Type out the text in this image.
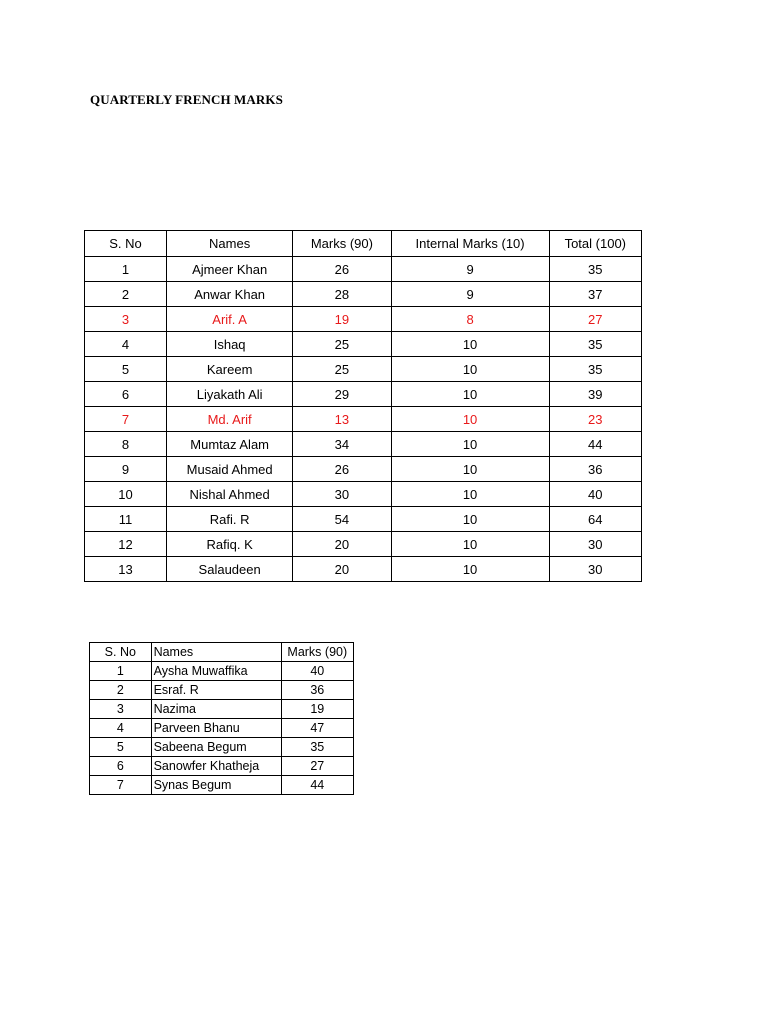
QUARTERLY FRENCH MARKS
S. No	Names	Marks (90)	Internal Marks (10)	Total (100)
1	Ajmeer Khan	26	9	35
2	Anwar Khan	28	9	37
3	Arif. A	19	8	27
4	Ishaq	25	10	35
5	Kareem	25	10	35
6	Liyakath Ali	29	10	39
7	Md. Arif	13	10	23
8	Mumtaz Alam	34	10	44
9	Musaid Ahmed	26	10	36
10	Nishal Ahmed	30	10	40
11	Rafi. R	54	10	64
12	Rafiq. K	20	10	30
13	Salaudeen	20	10	30
S. No	Names	Marks (90)
1	Aysha Muwaffika	40
2	Esraf. R	36
3	Nazima	19
4	Parveen Bhanu	47
5	Sabeena Begum	35
6	Sanowfer Khatheja	27
7	Synas Begum	44
